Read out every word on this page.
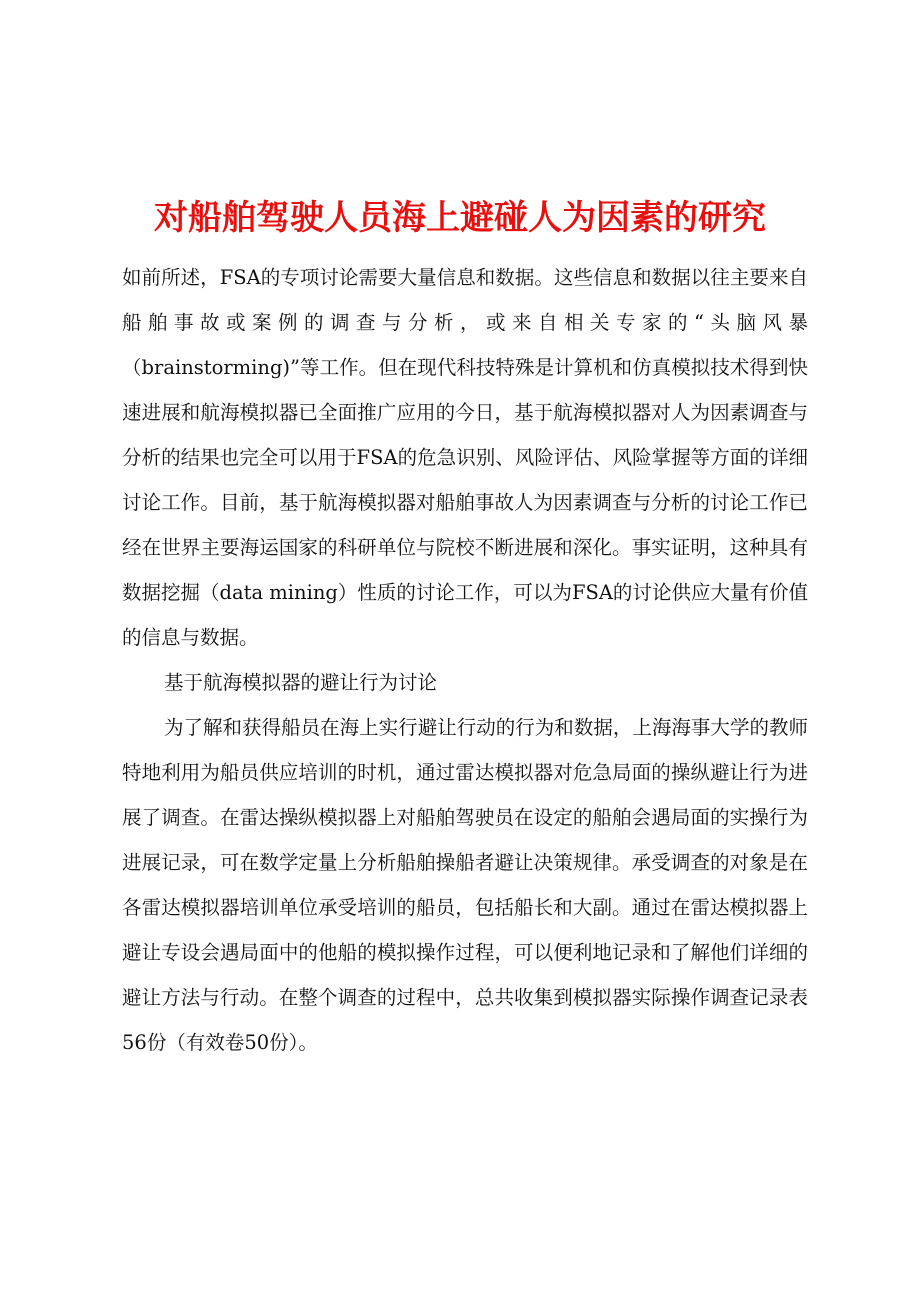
对船舶驾驶人员海上避碰人为因素的研究

如前所述，FSA的专项讨论需要大量信息和数据。这些信息和数据以往主要来自船舶事故或案例的调查与分析，或来自相关专家的“头脑风暴（brainstorming)”等工作。但在现代科技特殊是计算机和仿真模拟技术得到快速进展和航海模拟器已全面推广应用的今日，基于航海模拟器对人为因素调查与分析的结果也完全可以用于FSA的危急识别、风险评估、风险掌握等方面的详细讨论工作。目前，基于航海模拟器对船舶事故人为因素调查与分析的讨论工作已经在世界主要海运国家的科研单位与院校不断进展和深化。事实证明，这种具有数据挖掘（data mining）性质的讨论工作，可以为FSA的讨论供应大量有价值的信息与数据。

基于航海模拟器的避让行为讨论

为了解和获得船员在海上实行避让行动的行为和数据，上海海事大学的教师特地利用为船员供应培训的时机，通过雷达模拟器对危急局面的操纵避让行为进展了调查。在雷达操纵模拟器上对船舶驾驶员在设定的船舶会遇局面的实操行为进展记录，可在数学定量上分析船舶操船者避让决策规律。承受调查的对象是在各雷达模拟器培训单位承受培训的船员，包括船长和大副。通过在雷达模拟器上避让专设会遇局面中的他船的模拟操作过程，可以便利地记录和了解他们详细的避让方法与行动。在整个调查的过程中，总共收集到模拟器实际操作调查记录表56份（有效卷50份）。
